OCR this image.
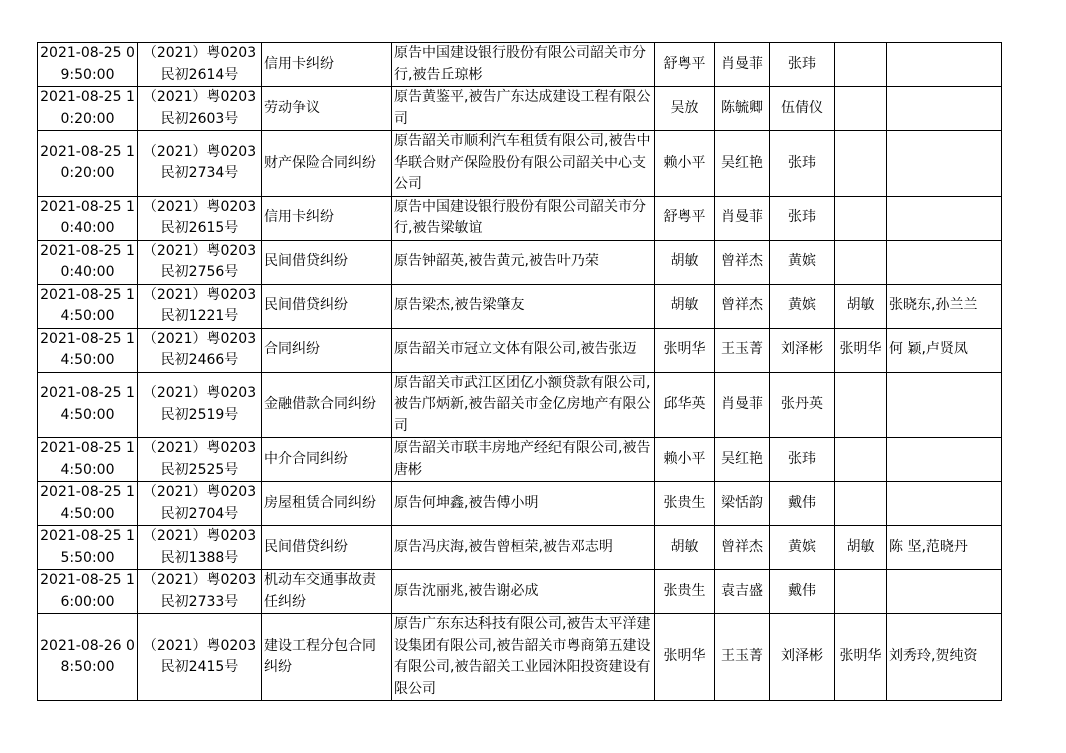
2021-08-25 09:50:00	（2021）粤0203民初2614号	信用卡纠纷	原告中国建设银行股份有限公司韶关市分行,被告丘琼彬	舒粤平	肖曼菲	张玮		
2021-08-25 10:20:00	（2021）粤0203民初2603号	劳动争议	原告黄鉴平,被告广东达成建设工程有限公司	吴放	陈毓卿	伍倩仪		
2021-08-25 10:20:00	（2021）粤0203民初2734号	财产保险合同纠纷	原告韶关市顺利汽车租赁有限公司,被告中华联合财产保险股份有限公司韶关中心支公司	赖小平	吴红艳	张玮		
2021-08-25 10:40:00	（2021）粤0203民初2615号	信用卡纠纷	原告中国建设银行股份有限公司韶关市分行,被告梁敏谊	舒粤平	肖曼菲	张玮		
2021-08-25 10:40:00	（2021）粤0203民初2756号	民间借贷纠纷	原告钟韶英,被告黄元,被告叶乃荣	胡敏	曾祥杰	黄嫔		
2021-08-25 14:50:00	（2021）粤0203民初1221号	民间借贷纠纷	原告梁杰,被告梁肇友	胡敏	曾祥杰	黄嫔	胡敏	张晓东,孙兰兰
2021-08-25 14:50:00	（2021）粤0203民初2466号	合同纠纷	原告韶关市冠立文体有限公司,被告张迈	张明华	王玉菁	刘泽彬	张明华	何 颖,卢贤凤
2021-08-25 14:50:00	（2021）粤0203民初2519号	金融借款合同纠纷	原告韶关市武江区团亿小额贷款有限公司,被告邝炳新,被告韶关市金亿房地产有限公司	邱华英	肖曼菲	张丹英		
2021-08-25 14:50:00	（2021）粤0203民初2525号	中介合同纠纷	原告韶关市联丰房地产经纪有限公司,被告唐彬	赖小平	吴红艳	张玮		
2021-08-25 14:50:00	（2021）粤0203民初2704号	房屋租赁合同纠纷	原告何坤鑫,被告傅小明	张贵生	梁恬韵	戴伟		
2021-08-25 15:50:00	（2021）粤0203民初1388号	民间借贷纠纷	原告冯庆海,被告曾桓荣,被告邓志明	胡敏	曾祥杰	黄嫔	胡敏	陈 坚,范晓丹
2021-08-25 16:00:00	（2021）粤0203民初2733号	机动车交通事故责任纠纷	原告沈丽兆,被告谢必成	张贵生	袁吉盛	戴伟		
2021-08-26 08:50:00	（2021）粤0203民初2415号	建设工程分包合同纠纷	原告广东东达科技有限公司,被告太平洋建设集团有限公司,被告韶关市粤商第五建设有限公司,被告韶关工业园沐阳投资建设有限公司	张明华	王玉菁	刘泽彬	张明华	刘秀玲,贺纯资
